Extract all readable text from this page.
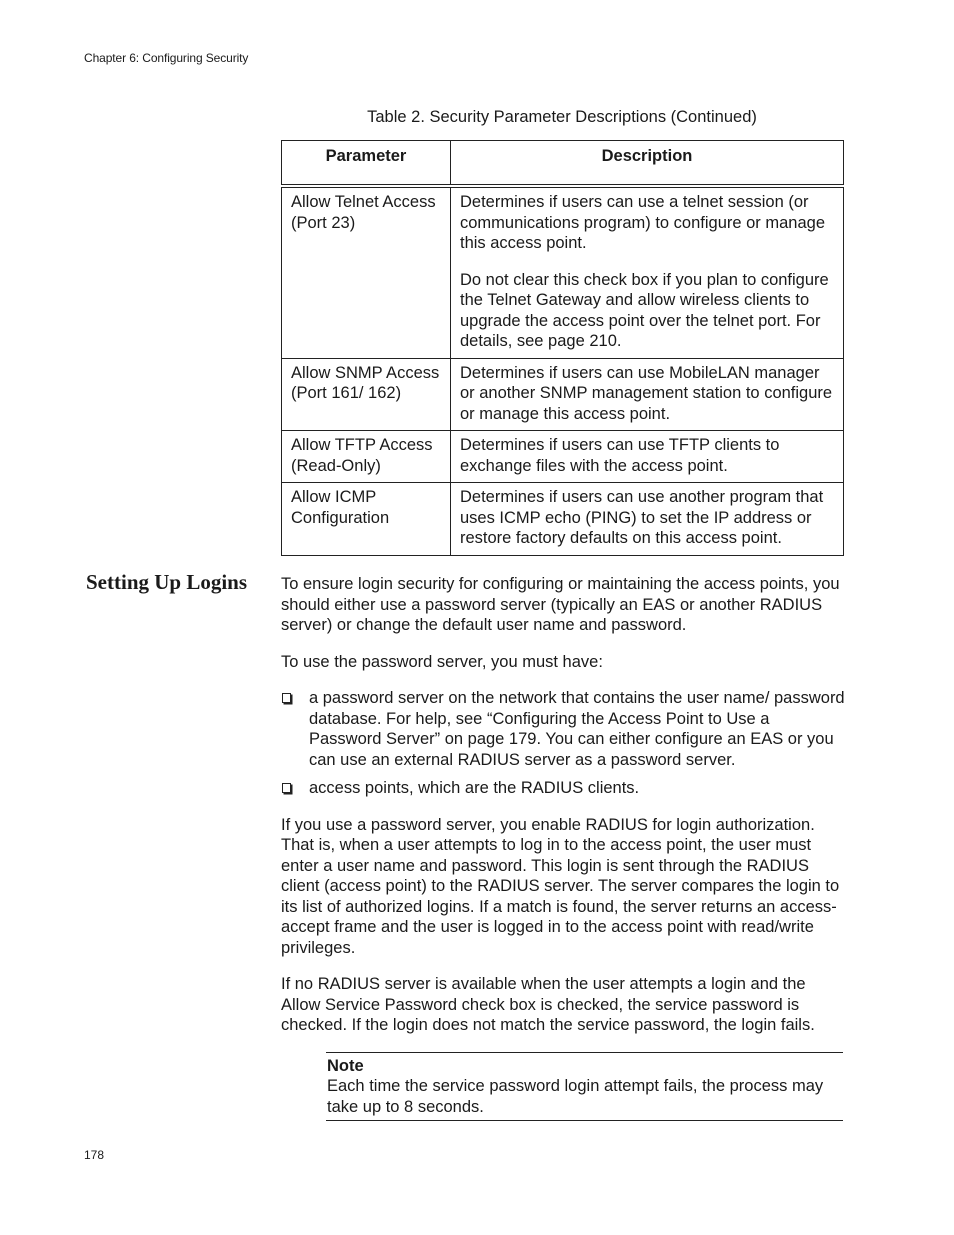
Chapter 6: Configuring Security
Table 2. Security Parameter Descriptions (Continued)
Parameter	Description
Allow Telnet Access (Port 23)	Determines if users can use a telnet session (or communications program) to configure or manage this access point.

Do not clear this check box if you plan to configure the Telnet Gateway and allow wireless clients to upgrade the access point over the telnet port. For details, see page 210.

Allow SNMP Access (Port 161/ 162)	Determines if users can use MobileLAN manager or another SNMP management station to configure or manage this access point.

Allow TFTP Access (Read-Only)	Determines if users can use TFTP clients to exchange files with the access point.

Allow ICMP Configuration	Determines if users can use another program that uses ICMP echo (PING) to set the IP address or restore factory defaults on this access point.

Setting Up Logins To ensure login security for configuring or maintaining the access points, you should either use a password server (typically an EAS or another RADIUS server) or change the default user name and password.

To use the password server, you must have:

a password server on the network that contains the user name/ password database. For help, see “Configuring the Access Point to Use a Password Server” on page 179. You can either configure an EAS or you can use an external RADIUS server as a password server.
access points, which are the RADIUS clients.

If you use a password server, you enable RADIUS for login authorization. That is, when a user attempts to log in to the access point, the user must enter a user name and password. This login is sent through the RADIUS client (access point) to the RADIUS server. The server compares the login to its list of authorized logins. If a match is found, the server returns an access-accept frame and the user is logged in to the access point with read/write privileges.

If no RADIUS server is available when the user attempts a login and the Allow Service Password check box is checked, the service password is checked. If the login does not match the service password, the login fails.

Note
Each time the service password login attempt fails, the process may take up to 8 seconds.
178
